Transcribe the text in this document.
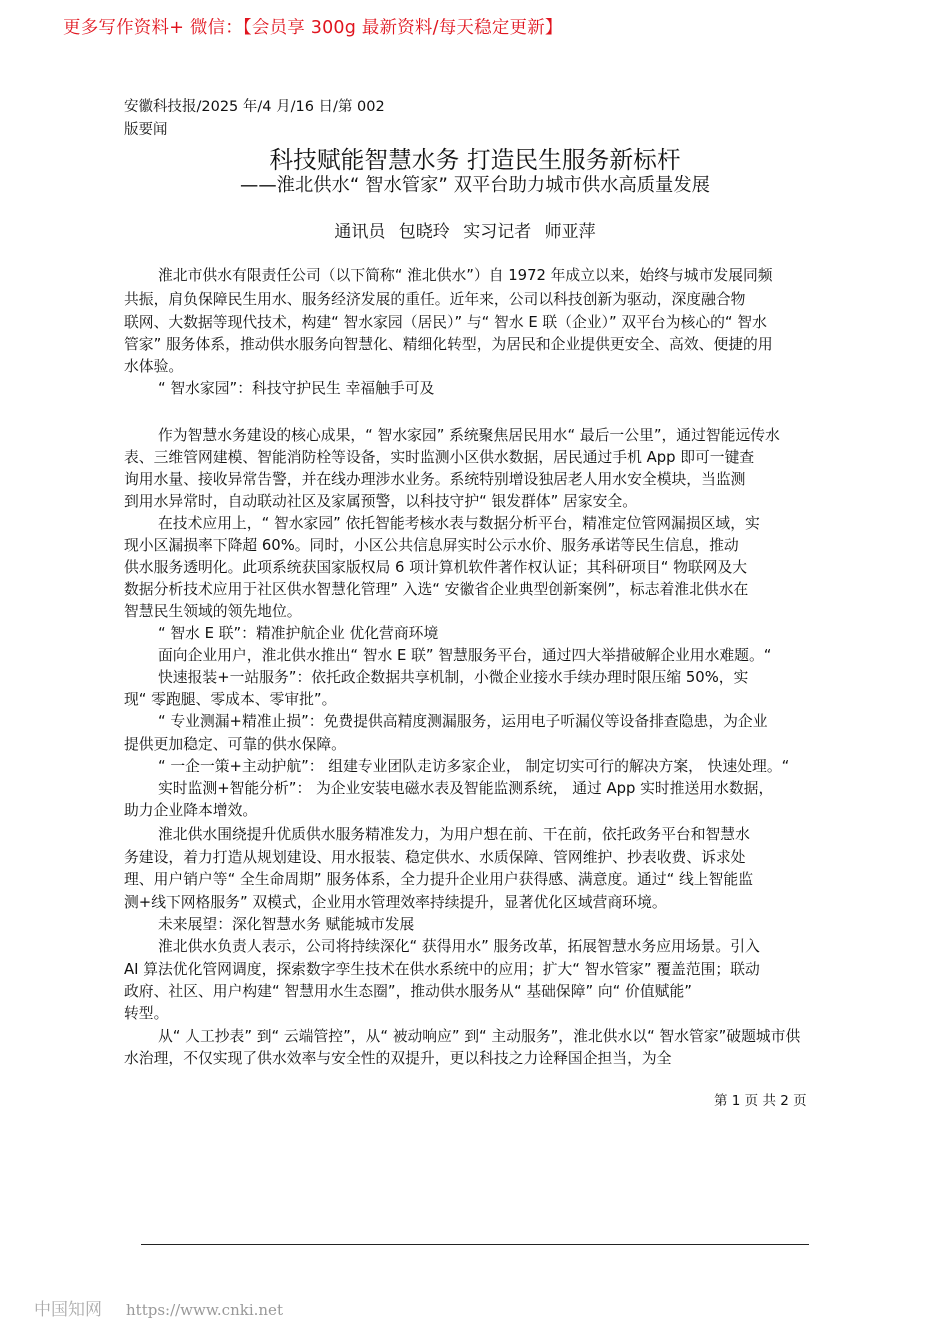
更多写作资料+ 微信：【会员享 300g 最新资料/每天稳定更新】
安徽科技报/2025 年/4 月/16 日/第 002
版要闻
科技赋能智慧水务 打造民生服务新标杆
——淮北供水“ 智水管家” 双平台助力城市供水高质量发展
通讯员 包晓玲 实习记者 师亚萍
淮北市供水有限责任公司（以下简称“ 淮北供水”）自 1972 年成立以来，始终与城市发展同频
共振，肩负保障民生用水、服务经济发展的重任。近年来，公司以科技创新为驱动，深度融合物
联网、大数据等现代技术，构建“ 智水家园（居民）” 与“ 智水 E 联（企业）” 双平台为核心的“ 智水
管家” 服务体系，推动供水服务向智慧化、精细化转型，为居民和企业提供更安全、高效、便捷的用
水体验。
“ 智水家园”：科技守护民生 幸福触手可及
作为智慧水务建设的核心成果，“ 智水家园” 系统聚焦居民用水“ 最后一公里”，通过智能远传水
表、三维管网建模、智能消防栓等设备，实时监测小区供水数据，居民通过手机 App 即可一键查
询用水量、接收异常告警，并在线办理涉水业务。系统特别增设独居老人用水安全模块，当监测
到用水异常时，自动联动社区及家属预警，以科技守护“ 银发群体” 居家安全。
在技术应用上，“ 智水家园” 依托智能考核水表与数据分析平台，精准定位管网漏损区域，实
现小区漏损率下降超 60%。同时，小区公共信息屏实时公示水价、服务承诺等民生信息，推动
供水服务透明化。此项系统获国家版权局 6 项计算机软件著作权认证；其科研项目“ 物联网及大
数据分析技术应用于社区供水智慧化管理” 入选“ 安徽省企业典型创新案例”，标志着淮北供水在
智慧民生领域的领先地位。
“ 智水 E 联”：精准护航企业 优化营商环境
面向企业用户，淮北供水推出“ 智水 E 联” 智慧服务平台，通过四大举措破解企业用水难题。“
快速报装+一站服务”：依托政企数据共享机制，小微企业接水手续办理时限压缩 50%，实
现“ 零跑腿、零成本、零审批”。
“ 专业测漏+精准止损”：免费提供高精度测漏服务，运用电子听漏仪等设备排查隐患，为企业
提供更加稳定、可靠的供水保障。
“ 一企一策+主动护航”： 组建专业团队走访多家企业， 制定切实可行的解决方案， 快速处理。“
实时监测+智能分析”： 为企业安装电磁水表及智能监测系统， 通过 App 实时推送用水数据，
助力企业降本增效。
淮北供水围绕提升优质供水服务精准发力，为用户想在前、干在前，依托政务平台和智慧水
务建设，着力打造从规划建设、用水报装、稳定供水、水质保障、管网维护、抄表收费、诉求处
理、用户销户等“ 全生命周期” 服务体系，全力提升企业用户获得感、满意度。通过“ 线上智能监
测+线下网格服务” 双模式，企业用水管理效率持续提升，显著优化区域营商环境。
未来展望：深化智慧水务 赋能城市发展
淮北供水负责人表示，公司将持续深化“ 获得用水” 服务改革，拓展智慧水务应用场景。引入
AI 算法优化管网调度，探索数字孪生技术在供水系统中的应用；扩大“ 智水管家” 覆盖范围；联动
政府、社区、用户构建“ 智慧用水生态圈”，推动供水服务从“ 基础保障” 向“ 价值赋能”
转型。
从“ 人工抄表” 到“ 云端管控”，从“ 被动响应” 到“ 主动服务”，淮北供水以“ 智水管家”破题城市供
水治理，不仅实现了供水效率与安全性的双提升，更以科技之力诠释国企担当，为全
第 1 页 共 2 页
中国知网 https://www.cnki.net
